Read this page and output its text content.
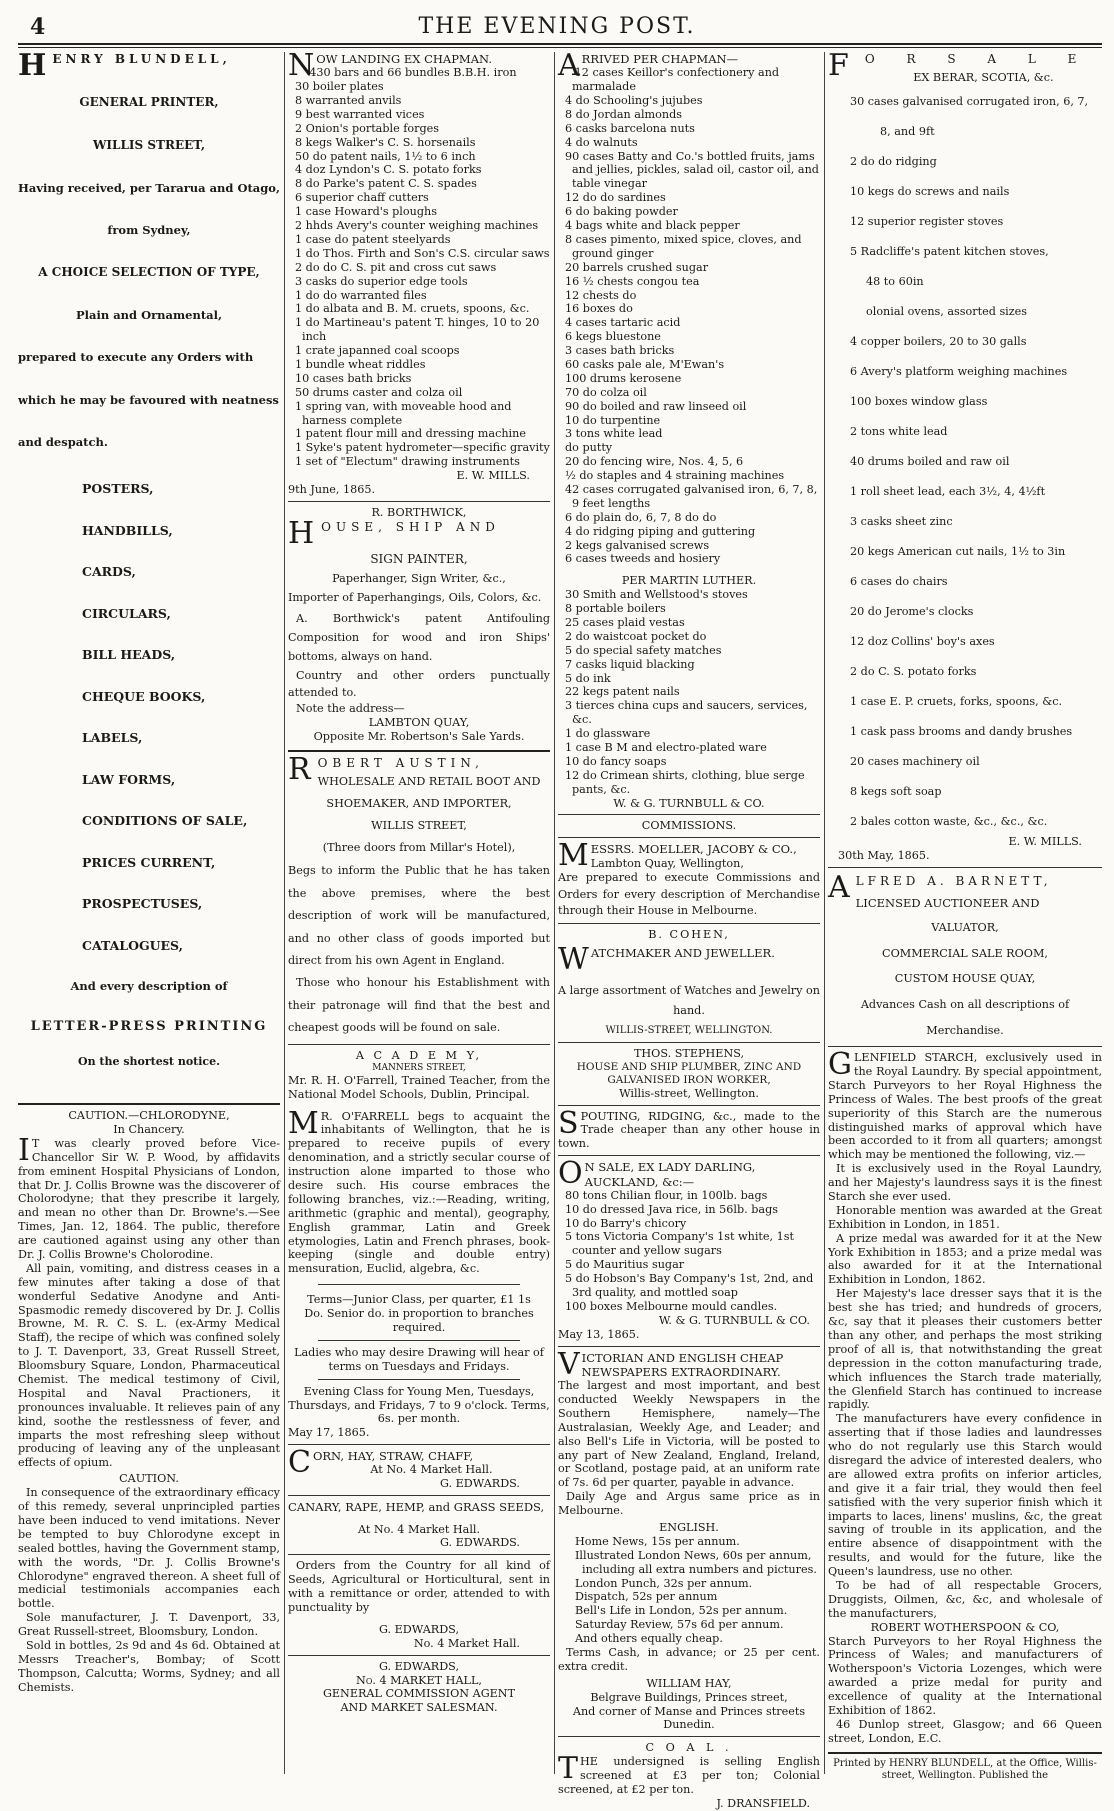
4	THE EVENING POST.

HENRY BLUNDELL,

GENERAL PRINTER,

WILLIS STREET,

Having received, per Tararua and Otago,

from Sydney,

A CHOICE SELECTION OF TYPE,

Plain and Ornamental,

prepared to execute any Orders with

which he may be favoured with neatness

and despatch.

POSTERS,

HANDBILLS,

CARDS,

CIRCULARS,

BILL HEADS,

CHEQUE BOOKS,

LABELS,

LAW FORMS,

CONDITIONS OF SALE,

PRICES CURRENT,

PROSPECTUSES,

CATALOGUES,

And every description of

LETTER-PRESS PRINTING

On the shortest notice.

CAUTION.—CHLORODYNE,

In Chancery.

I T was clearly proved before Vice-Chancellor Sir W. P. Wood, by affidavits from eminent Hospital Physicians of London, that Dr. J. Collis Browne was the discoverer of Cholorodyne; that they prescribe it largely, and mean no other than Dr. Browne's.—See Times, Jan. 12, 1864. The public, therefore are cautioned against using any other than Dr. J. Collis Browne's Cholorodine.

All pain, vomiting, and distress ceases in a few minutes after taking a dose of that wonderful Sedative Anodyne and Anti-Spasmodic remedy discovered by Dr. J. Collis Browne, M. R. C. S. L. (ex-Army Medical Staff), the recipe of which was confined solely to J. T. Davenport, 33, Great Russell Street, Bloomsbury Square, London, Pharmaceutical Chemist. The medical testimony of Civil, Hospital and Naval Practioners, it pronounces invaluable. It relieves pain of any kind, soothe the restlessness of fever, and imparts the most refreshing sleep without producing of leaving any of the unpleasant effects of opium.

CAUTION.

In consequence of the extraordinary efficacy of this remedy, several unprincipled parties have been induced to vend imitations. Never be tempted to buy Chlorodyne except in sealed bottles, having the Government stamp, with the words, "Dr. J. Collis Browne's Chlorodyne" engraved thereon. A sheet full of medicial testimonials accompanies each bottle.

Sole manufacturer, J. T. Davenport, 33, Great Russell-street, Bloomsbury, London.

Sold in bottles, 2s 9d and 4s 6d. Obtained at Messrs Treacher's, Bombay; of Scott Thompson, Calcutta; Worms, Sydney; and all Chemists.

NOW LANDING EX CHAPMAN.

430 bars and 66 bundles B.B.H. iron

30 boiler plates

8 warranted anvils

9 best warranted vices

2 Onion's portable forges

8 kegs Walker's C. S. horsenails

50 do patent nails, 1½ to 6 inch

4 doz Lyndon's C. S. potato forks

8 do Parke's patent C. S. spades

6 superior chaff cutters

1 case Howard's ploughs

2 hhds Avery's counter weighing machines

1 case do patent steelyards

1 do Thos. Firth and Son's C.S. circular saws

2 do do C. S. pit and cross cut saws

3 casks do superior edge tools

1 do do warranted files

1 do albata and B. M. cruets, spoons, &c.

1 do Martineau's patent T. hinges, 10 to 20 inch

1 crate japanned coal scoops

1 bundle wheat riddles

10 cases bath bricks

50 drums caster and colza oil

1 spring van, with moveable hood and harness complete

1 patent flour mill and dressing machine

1 Syke's patent hydrometer—specific gravity

1 set of "Electum" drawing instruments

E. W. MILLS.

9th June, 1865.

R. BORTHWICK,

HOUSE, SHIP AND

SIGN PAINTER,

Paperhanger, Sign Writer, &c.,

Importer of Paperhangings, Oils, Colors, &c.

A. Borthwick's patent Antifouling Composition for wood and iron Ships' bottoms, always on hand.

Country and other orders punctually attended to.

Note the address—

LAMBTON QUAY,

Opposite Mr. Robertson's Sale Yards.

ROBERT AUSTIN,

WHOLESALE AND RETAIL BOOT AND

SHOEMAKER, AND IMPORTER,

WILLIS STREET,

(Three doors from Millar's Hotel),

Begs to inform the Public that he has taken the above premises, where the best description of work will be manufactured, and no other class of goods imported but direct from his own Agent in England.

Those who honour his Establishment with their patronage will find that the best and cheapest goods will be found on sale.

A C A D E M Y,

MANNERS STREET,

Mr. R. H. O'Farrell, Trained Teacher, from the National Model Schools, Dublin, Principal.

M R. O'FARRELL begs to acquaint the inhabitants of Wellington, that he is prepared to receive pupils of every denomination, and a strictly secular course of instruction alone imparted to those who desire such. His course embraces the following branches, viz.:—Reading, writing, arithmetic (graphic and mental), geography, English grammar, Latin and Greek etymologies, Latin and French phrases, book-keeping (single and double entry) mensuration, Euclid, algebra, &c.

Terms—Junior Class, per quarter, £1 1s

Do. Senior do. in proportion to branches required.

Ladies who may desire Drawing will hear of terms on Tuesdays and Fridays.

Evening Class for Young Men, Tuesdays, Thursdays, and Fridays, 7 to 9 o'clock. Terms, 6s. per month.

May 17, 1865.

CORN, HAY, STRAW, CHAFF,

At No. 4 Market Hall.

G. EDWARDS.

CANARY, RAPE, HEMP, and GRASS SEEDS,

At No. 4 Market Hall.

G. EDWARDS.

Orders from the Country for all kind of Seeds, Agricultural or Horticultural, sent in with a remittance or order, attended to with punctuality by

G. EDWARDS,

No. 4 Market Hall.

G. EDWARDS,

No. 4 MARKET HALL,

GENERAL COMMISSION AGENT

AND MARKET SALESMAN.

ARRIVED PER CHAPMAN—

12 cases Keillor's confectionery and marmalade

4 do Schooling's jujubes

8 do Jordan almonds

6 casks barcelona nuts

4 do walnuts

90 cases Batty and Co.'s bottled fruits, jams and jellies, pickles, salad oil, castor oil, and table vinegar

12 do do sardines

6 do baking powder

4 bags white and black pepper

8 cases pimento, mixed spice, cloves, and ground ginger

20 barrels crushed sugar

16 ½ chests congou tea

12 chests do

16 boxes do

4 cases tartaric acid

6 kegs bluestone

3 cases bath bricks

60 casks pale ale, M'Ewan's

100 drums kerosene

70 do colza oil

90 do boiled and raw linseed oil

10 do turpentine

3 tons white lead

do putty

20 do fencing wire, Nos. 4, 5, 6

½ do staples and 4 straining machines

42 cases corrugated galvanised iron, 6, 7, 8, 9 feet lengths

6 do plain do, 6, 7, 8 do do

4 do ridging piping and guttering

2 kegs galvanised screws

6 cases tweeds and hosiery

PER MARTIN LUTHER.

30 Smith and Wellstood's stoves

8 portable boilers

25 cases plaid vestas

2 do waistcoat pocket do

5 do special safety matches

7 casks liquid blacking

5 do ink

22 kegs patent nails

3 tierces china cups and saucers, services, &c.

1 do glassware

1 case B M and electro-plated ware

10 do fancy soaps

12 do Crimean shirts, clothing, blue serge pants, &c.

W. & G. TURNBULL & CO.

COMMISSIONS.

MESSRS. MOELLER, JACOBY & CO.,

Lambton Quay, Wellington,

Are prepared to execute Commissions and Orders for every description of Merchandise through their House in Melbourne.

B. COHEN,

WATCHMAKER AND JEWELLER.

A large assortment of Watches and Jewelry on hand.

WILLIS-STREET, WELLINGTON.

THOS. STEPHENS,

HOUSE AND SHIP PLUMBER, ZINC AND GALVANISED IRON WORKER,

Willis-street, Wellington.

SPOUTING, RIDGING, &c., made to the Trade cheaper than any other house in town.

O N SALE, EX LADY DARLING, AUCKLAND, &c:—

80 tons Chilian flour, in 100lb. bags

10 do dressed Java rice, in 56lb. bags

10 do Barry's chicory

5 tons Victoria Company's 1st white, 1st counter and yellow sugars

5 do Mauritius sugar

5 do Hobson's Bay Company's 1st, 2nd, and 3rd quality, and mottled soap

100 boxes Melbourne mould candles.

W. & G. TURNBULL & CO.

May 13, 1865.

VICTORIAN AND ENGLISH CHEAP NEWSPAPERS EXTRAORDINARY.

The largest and most important, and best conducted Weekly Newspapers in the Southern Hemisphere, namely—The Australasian, Weekly Age, and Leader; and also Bell's Life in Victoria, will be posted to any part of New Zealand, England, Ireland, or Scotland, postage paid, at an uniform rate of 7s. 6d per quarter, payable in advance.

Daily Age and Argus same price as in Melbourne.

ENGLISH.

Home News, 15s per annum.

Illustrated London News, 60s per annum, including all extra numbers and pictures.

London Punch, 32s per annum.

Dispatch, 52s per annum

Bell's Life in London, 52s per annum.

Saturday Review, 57s 6d per annum.

And others equally cheap.

Terms Cash, in advance; or 25 per cent. extra credit.

WILLIAM HAY,

Belgrave Buildings, Princes street,

And corner of Manse and Princes streets

Dunedin.

C O A L .

THE undersigned is selling English screened at £3 per ton; Colonial screened, at £2 per ton.

J. DRANSFIELD.

F O R S A L E

EX BERAR, SCOTIA, &c.

30 cases galvanised corrugated iron, 6, 7,

8, and 9ft

2 do do ridging

10 kegs do screws and nails

12 superior register stoves

5 Radcliffe's patent kitchen stoves,

48 to 60in

olonial ovens, assorted sizes

4 copper boilers, 20 to 30 galls

6 Avery's platform weighing machines

100 boxes window glass

2 tons white lead

40 drums boiled and raw oil

1 roll sheet lead, each 3½, 4, 4½ft

3 casks sheet zinc

20 kegs American cut nails, 1½ to 3in

6 cases do chairs

20 do Jerome's clocks

12 doz Collins' boy's axes

2 do C. S. potato forks

1 case E. P. cruets, forks, spoons, &c.

1 cask pass brooms and dandy brushes

20 cases machinery oil

8 kegs soft soap

2 bales cotton waste, &c., &c., &c.

E. W. MILLS.

30th May, 1865.

ALFRED A. BARNETT,

LICENSED AUCTIONEER AND

VALUATOR,

COMMERCIAL SALE ROOM,

CUSTOM HOUSE QUAY,

Advances Cash on all descriptions of

Merchandise.

GLENFIELD STARCH, exclusively used in the Royal Laundry. By special appointment, Starch Purveyors to her Royal Highness the Princess of Wales. The best proofs of the great superiority of this Starch are the numerous distinguished marks of approval which have been accorded to it from all quarters; amongst which may be mentioned the following, viz.—

It is exclusively used in the Royal Laundry, and her Majesty's laundress says it is the finest Starch she ever used.

Honorable mention was awarded at the Great Exhibition in London, in 1851.

A prize medal was awarded for it at the New York Exhibition in 1853; and a prize medal was also awarded for it at the International Exhibition in London, 1862.

Her Majesty's lace dresser says that it is the best she has tried; and hundreds of grocers, &c, say that it pleases their customers better than any other, and perhaps the most striking proof of all is, that notwithstanding the great depression in the cotton manufacturing trade, which influences the Starch trade materially, the Glenfield Starch has continued to increase rapidly.

The manufacturers have every confidence in asserting that if those ladies and laundresses who do not regularly use this Starch would disregard the advice of interested dealers, who are allowed extra profits on inferior articles, and give it a fair trial, they would then feel satisfied with the very superior finish which it imparts to laces, linens' muslins, &c, the great saving of trouble in its application, and the entire absence of disappointment with the results, and would for the future, like the Queen's laundress, use no other.

To be had of all respectable Grocers, Druggists, Oilmen, &c, &c, and wholesale of the manufacturers,

ROBERT WOTHERSPOON & CO,

Starch Purveyors to her Royal Highness the Princess of Wales; and manufacturers of Wotherspoon's Victoria Lozenges, which were awarded a prize medal for purity and excellence of quality at the International Exhibition of 1862.

46 Dunlop street, Glasgow; and 66 Queen street, London, E.C.

Printed by HENRY BLUNDELL, at the Office, Willis-street, Wellington. Published the
